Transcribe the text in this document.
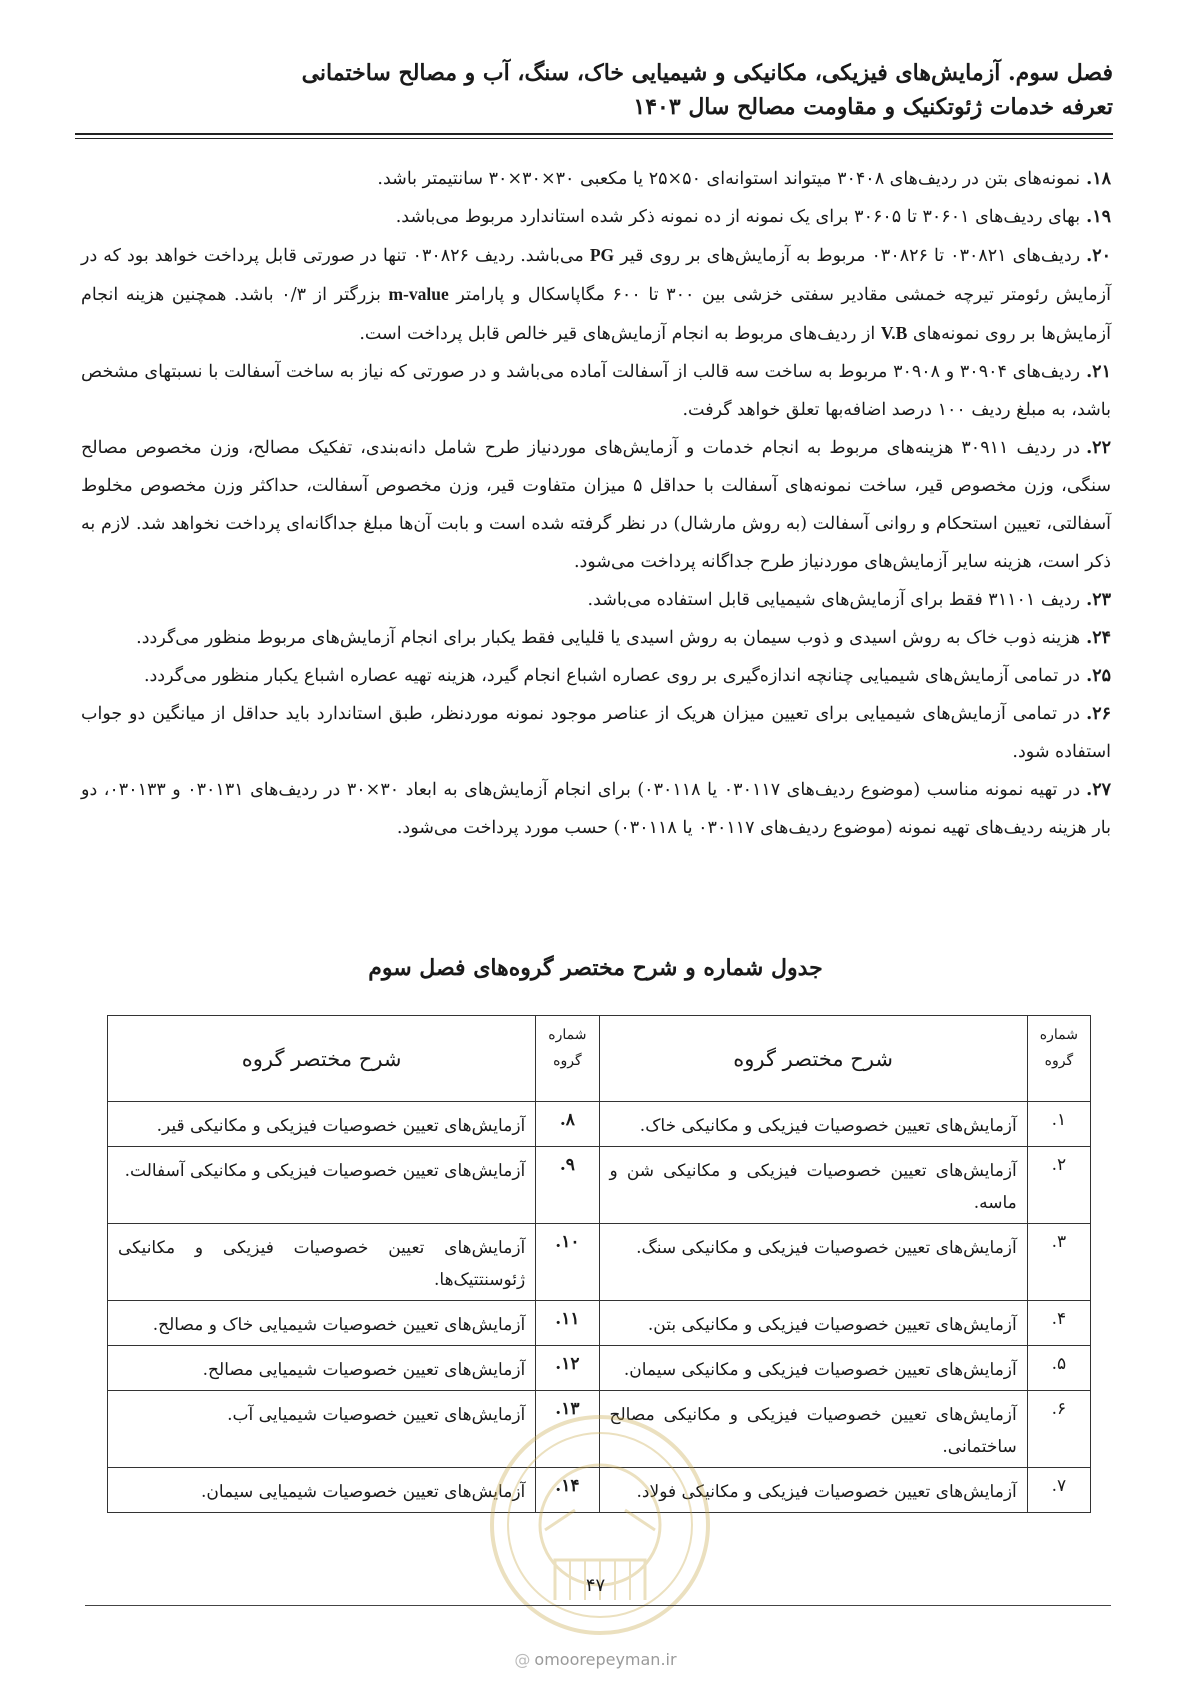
فصل سوم. آزمایش‌های فیزیکی، مکانیکی و شیمیایی خاک، سنگ، آب و مصالح ساختمانی
تعرفه خدمات ژئوتکنیک و مقاومت مصالح سال ۱۴۰۳

۱۸.نمونه‌های بتن در ردیف‌های ۳۰۴۰۸ میتواند استوانه‌ای ۵۰×۲۵ یا مکعبی ۳۰×۳۰×۳۰ سانتیمتر باشد.

۱۹.بهای ردیف‌های ۳۰۶۰۱ تا ۳۰۶۰۵ برای یک نمونه از ده نمونه ذکر شده استاندارد مربوط می‌باشد.

۲۰.ردیف‌های ۰۳۰۸۲۱ تا ۰۳۰۸۲۶ مربوط به آزمایش‌های بر روی قیر PG می‌باشد. ردیف ۰۳۰۸۲۶ تنها در صورتی قابل پرداخت خواهد بود که در آزمایش رئومتر تیرچه خمشی مقادیر سفتی خزشی بین ۳۰۰ تا ۶۰۰ مگاپاسکال و پارامتر m-value بزرگتر از ۰/۳ باشد. همچنین هزینه انجام آزمایش‌ها بر روی نمونه‌های V.B از ردیف‌های مربوط به انجام آزمایش‌های قیر خالص قابل پرداخت است.

۲۱.ردیف‌های ۳۰۹۰۴ و ۳۰۹۰۸ مربوط به ساخت سه قالب از آسفالت آماده می‌باشد و در صورتی که نیاز به ساخت آسفالت با نسبتهای مشخص باشد، به مبلغ ردیف ۱۰۰ درصد اضافه‌بها تعلق خواهد گرفت.

۲۲.در ردیف ۳۰۹۱۱ هزینه‌های مربوط به انجام خدمات و آزمایش‌های موردنیاز طرح شامل دانه‌بندی، تفکیک مصالح، وزن مخصوص مصالح سنگی، وزن مخصوص قیر، ساخت نمونه‌های آسفالت با حداقل ۵ میزان متفاوت قیر، وزن مخصوص آسفالت، حداکثر وزن مخصوص مخلوط آسفالتی، تعیین استحکام و روانی آسفالت (به روش مارشال) در نظر گرفته شده است و بابت آن‌ها مبلغ جداگانه‌ای پرداخت نخواهد شد. لازم به ذکر است، هزینه سایر آزمایش‌های موردنیاز طرح جداگانه پرداخت می‌شود.

۲۳.ردیف ۳۱۱۰۱ فقط برای آزمایش‌های شیمیایی قابل استفاده می‌باشد.

۲۴.هزینه ذوب خاک به روش اسیدی و ذوب سیمان به روش اسیدی یا قلیایی فقط یکبار برای انجام آزمایش‌های مربوط منظور می‌گردد.

۲۵.در تمامی آزمایش‌های شیمیایی چنانچه اندازه‌گیری بر روی عصاره اشباع انجام گیرد، هزینه تهیه عصاره اشباع یکبار منظور می‌گردد.

۲۶.در تمامی آزمایش‌های شیمیایی برای تعیین میزان هریک از عناصر موجود نمونه موردنظر، طبق استاندارد باید حداقل از میانگین دو جواب استفاده شود.

۲۷.در تهیه نمونه مناسب (موضوع ردیف‌های ۰۳۰۱۱۷ یا ۰۳۰۱۱۸) برای انجام آزمایش‌های به ابعاد ۳۰×۳۰ در ردیف‌های ۰۳۰۱۳۱ و ۰۳۰۱۳۳، دو بار هزینه ردیف‌های تهیه نمونه (موضوع ردیف‌های ۰۳۰۱۱۷ یا ۰۳۰۱۱۸) حسب مورد پرداخت می‌شود.

جدول شماره و شرح مختصر گروه‌های فصل سوم
شماره گروه	شرح مختصر گروه	شماره گروه	شرح مختصر گروه
۱.	آزمایش‌های تعیین خصوصیات فیزیکی و مکانیکی خاک.	۸.	آزمایش‌های تعیین خصوصیات فیزیکی و مکانیکی قیر.
۲.	آزمایش‌های تعیین خصوصیات فیزیکی و مکانیکی شن و ماسه.	۹.	آزمایش‌های تعیین خصوصیات فیزیکی و مکانیکی آسفالت.
۳.	آزمایش‌های تعیین خصوصیات فیزیکی و مکانیکی سنگ.	۱۰.	آزمایش‌های تعیین خصوصیات فیزیکی و مکانیکی ژئوسنتتیک‌ها.
۴.	آزمایش‌های تعیین خصوصیات فیزیکی و مکانیکی بتن.	۱۱.	آزمایش‌های تعیین خصوصیات شیمیایی خاک و مصالح.
۵.	آزمایش‌های تعیین خصوصیات فیزیکی و مکانیکی سیمان.	۱۲.	آزمایش‌های تعیین خصوصیات شیمیایی مصالح.
۶.	آزمایش‌های تعیین خصوصیات فیزیکی و مکانیکی مصالح ساختمانی.	۱۳.	آزمایش‌های تعیین خصوصیات شیمیایی آب.
۷.	آزمایش‌های تعیین خصوصیات فیزیکی و مکانیکی فولاد.	۱۴.	آزمایش‌های تعیین خصوصیات شیمیایی سیمان.
۴۷
@ omoorepeyman.ir
